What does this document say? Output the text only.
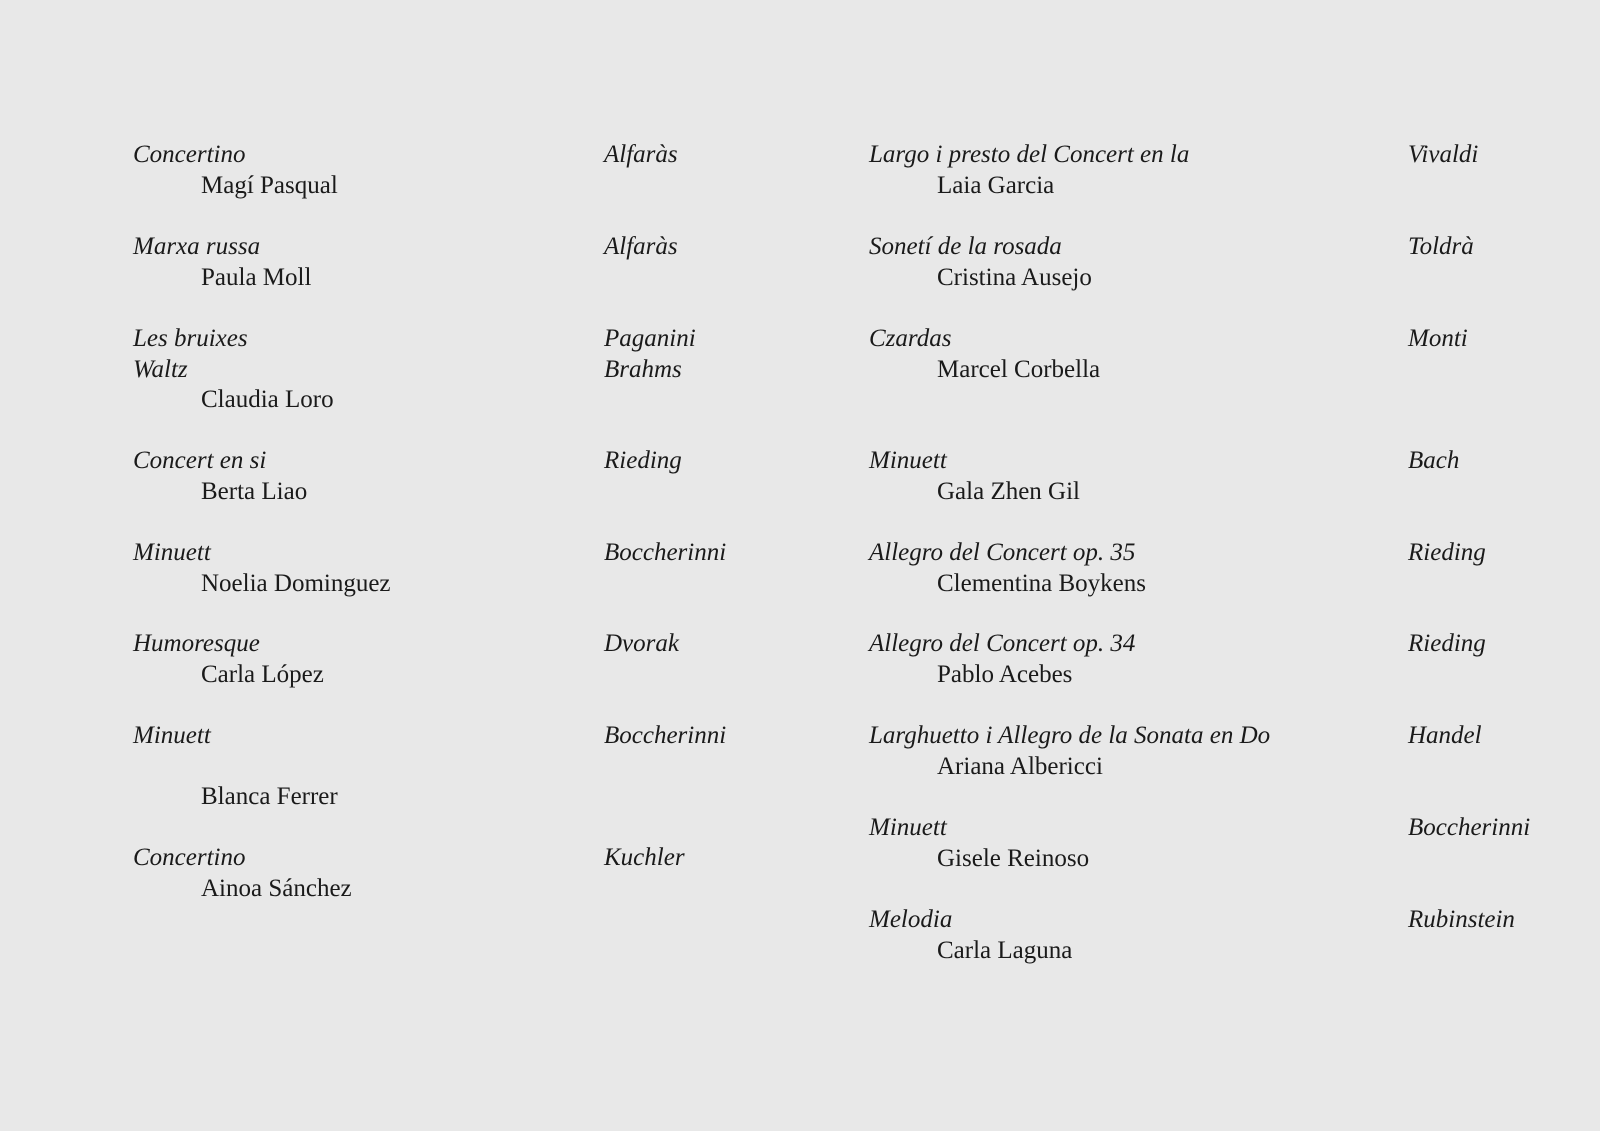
Concertino	Alfaràs
Magí Pasqual
Marxa russa	Alfaràs
Paula Moll
Les bruixes	Paganini
Waltz	Brahms
Claudia Loro
Concert en si	Rieding
Berta Liao
Minuett	Boccherinni
Noelia Dominguez
Humoresque	Dvorak
Carla López
Minuett	Boccherinni
Blanca Ferrer
Concertino	Kuchler
Ainoa Sánchez
Largo i presto del Concert en la	Vivaldi
Laia Garcia
Sonetí de la rosada	Toldrà
Cristina Ausejo
Czardas	Monti
Marcel Corbella
Minuett	Bach
Gala Zhen Gil
Allegro del Concert op. 35	Rieding
Clementina Boykens
Allegro del Concert op. 34	Rieding
Pablo Acebes
Larghuetto i Allegro de la Sonata en Do	Handel
Ariana Albericci
Minuett	Boccherinni
Gisele Reinoso
Melodia	Rubinstein
Carla Laguna
